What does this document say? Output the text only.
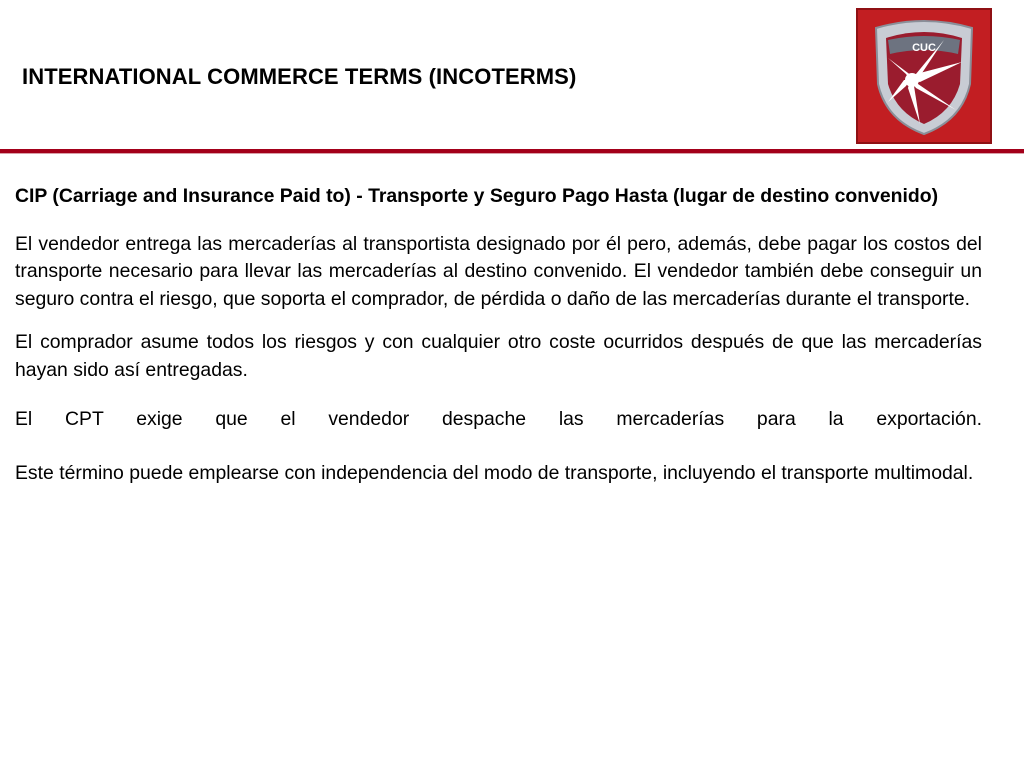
INTERNATIONAL COMMERCE TERMS (INCOTERMS)
CUC

CIP (Carriage and Insurance Paid to) - Transporte y Seguro Pago Hasta (lugar de destino convenido)

El vendedor entrega las mercaderías al transportista designado por él pero, además, debe pagar los costos del transporte necesario para llevar las mercaderías al destino convenido. El vendedor también debe conseguir un seguro contra el riesgo, que soporta el comprador, de pérdida o daño de las mercaderías durante el transporte.

El comprador asume todos los riesgos y con cualquier otro coste ocurridos después de que las mercaderías hayan sido así entregadas.

El CPT exige que el vendedor despache las mercaderías para la exportación.

Este término puede emplearse con independencia del modo de transporte, incluyendo el transporte multimodal.
